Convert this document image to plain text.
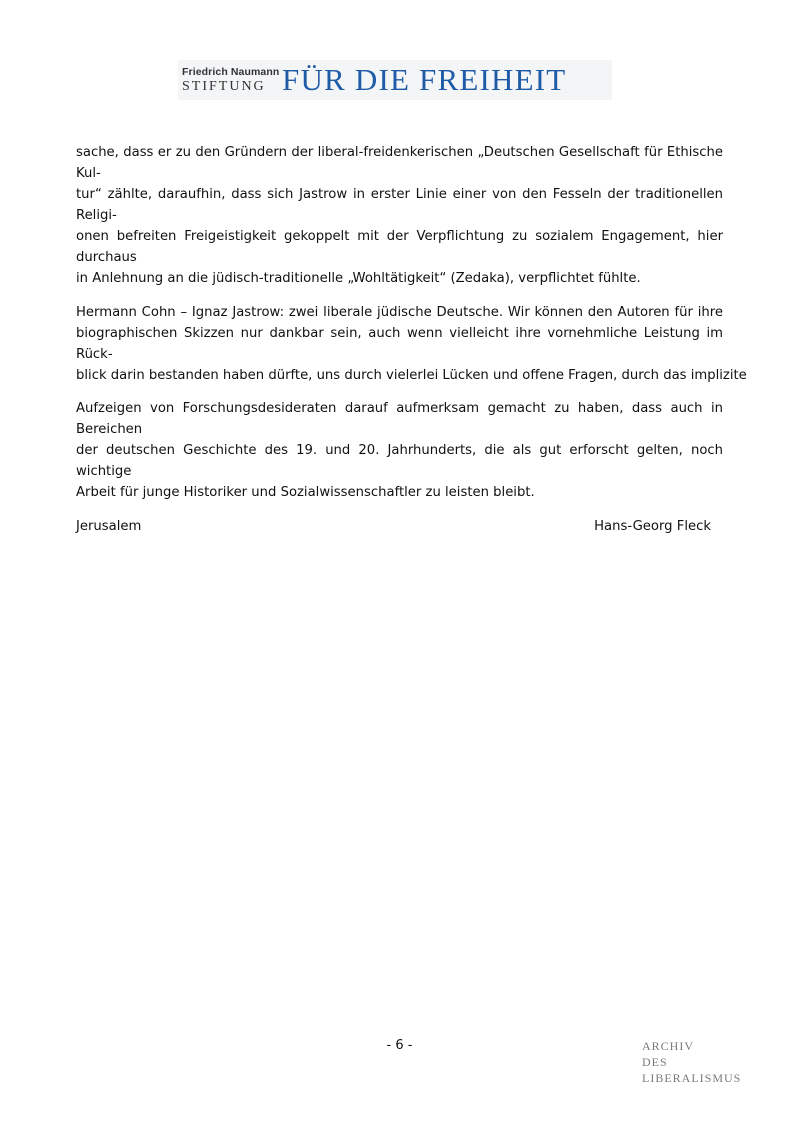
Friedrich Naumann
STIFTUNG FÜR DIE FREIHEIT

sache, dass er zu den Gründern der liberal-freidenkerischen „Deutschen Gesellschaft für Ethische Kul-
tur“ zählte, daraufhin, dass sich Jastrow in erster Linie einer von den Fesseln der traditionellen Religi-
onen befreiten Freigeistigkeit gekoppelt mit der Verpflichtung zu sozialem Engagement, hier durchaus
in Anlehnung an die jüdisch-traditionelle „Wohltätigkeit“ (Zedaka), verpflichtet fühlte.

Hermann Cohn – Ignaz Jastrow: zwei liberale jüdische Deutsche. Wir können den Autoren für ihre
biographischen Skizzen nur dankbar sein, auch wenn vielleicht ihre vornehmliche Leistung im Rück-
blick darin bestanden haben dürfte, uns durch vielerlei Lücken und offene Fragen, durch das implizite

Aufzeigen von Forschungsdesideraten darauf aufmerksam gemacht zu haben, dass auch in Bereichen
der deutschen Geschichte des 19. und 20. Jahrhunderts, die als gut erforscht gelten, noch wichtige
Arbeit für junge Historiker und Sozialwissenschaftler zu leisten bleibt.

Jerusalem	Hans-Georg Fleck
- 6 -	ARCHIV
DES
LIBERALISMUS
